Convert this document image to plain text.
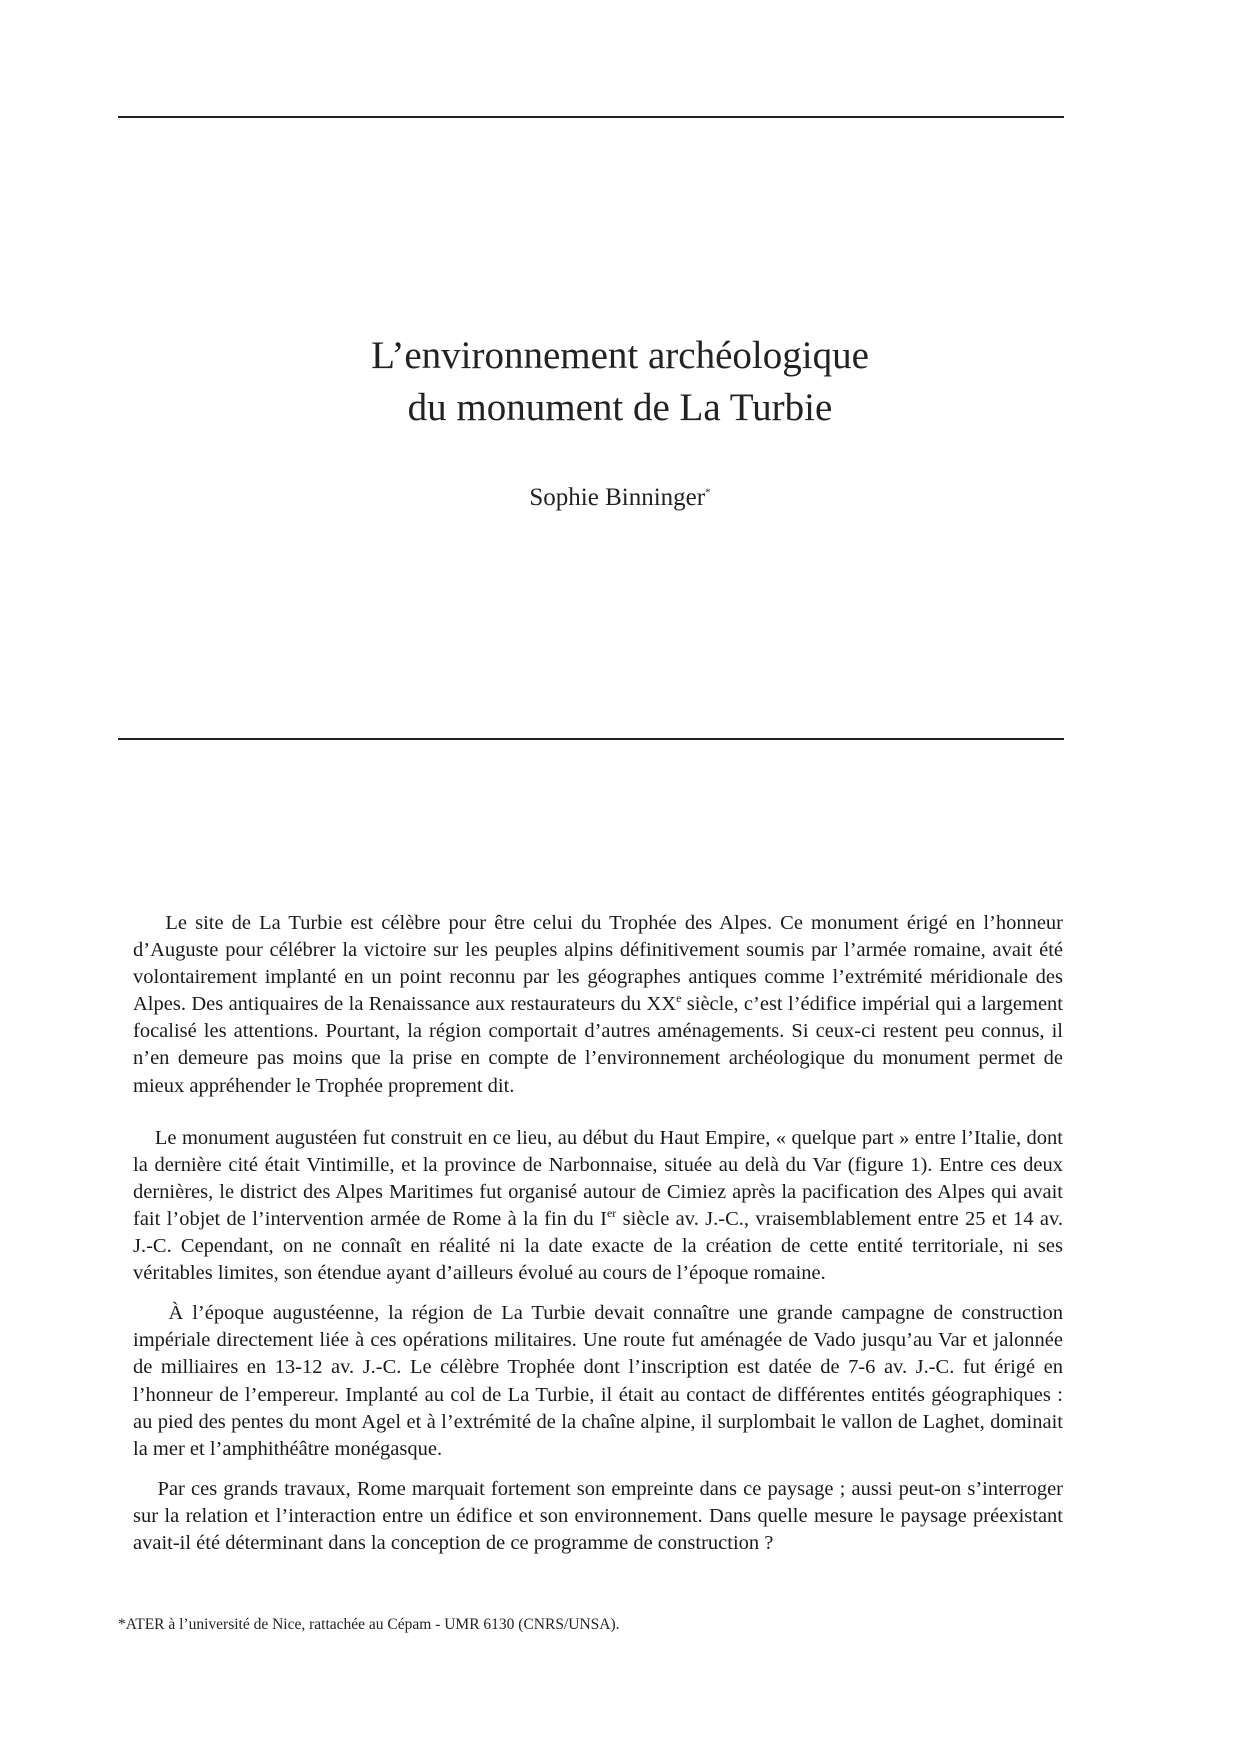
L’environnement archéologique
du monument de La Turbie
Sophie Binninger*

Le site de La Turbie est célèbre pour être celui du Trophée des Alpes. Ce monument érigé en l’honneur d’Auguste pour célébrer la victoire sur les peuples alpins définitivement soumis par l’armée romaine, avait été volontairement implanté en un point reconnu par les géographes antiques comme l’extrémité méridionale des Alpes. Des antiquaires de la Renaissance aux restaurateurs du XXe siècle, c’est l’édifice impérial qui a largement focalisé les attentions. Pourtant, la région comportait d’autres aménagements. Si ceux-ci restent peu connus, il n’en demeure pas moins que la prise en compte de l’environnement archéologique du monument permet de mieux appréhender le Trophée proprement dit.

Le monument augustéen fut construit en ce lieu, au début du Haut Empire, « quelque part » entre l’Italie, dont la dernière cité était Vintimille, et la province de Narbonnaise, située au delà du Var (figure 1). Entre ces deux dernières, le district des Alpes Maritimes fut organisé autour de Cimiez après la pacification des Alpes qui avait fait l’objet de l’intervention armée de Rome à la fin du Ier siècle av. J.-C., vraisemblablement entre 25 et 14 av. J.-C. Cependant, on ne connaît en réalité ni la date exacte de la création de cette entité territoriale, ni ses véritables limites, son étendue ayant d’ailleurs évolué au cours de l’époque romaine.

À l’époque augustéenne, la région de La Turbie devait connaître une grande campagne de construction impériale directement liée à ces opérations militaires. Une route fut aménagée de Vado jusqu’au Var et jalonnée de milliaires en 13-12 av. J.-C. Le célèbre Trophée dont l’inscription est datée de 7-6 av. J.-C. fut érigé en l’honneur de l’empereur. Implanté au col de La Turbie, il était au contact de différentes entités géographiques : au pied des pentes du mont Agel et à l’extrémité de la chaîne alpine, il surplombait le vallon de Laghet, dominait la mer et l’amphithéâtre monégasque.

Par ces grands travaux, Rome marquait fortement son empreinte dans ce paysage ; aussi peut-on s’interroger sur la relation et l’interaction entre un édifice et son environnement. Dans quelle mesure le paysage préexistant avait-il été déterminant dans la conception de ce programme de construction ?

*ATER à l’université de Nice, rattachée au Cépam - UMR 6130 (CNRS/UNSA).
